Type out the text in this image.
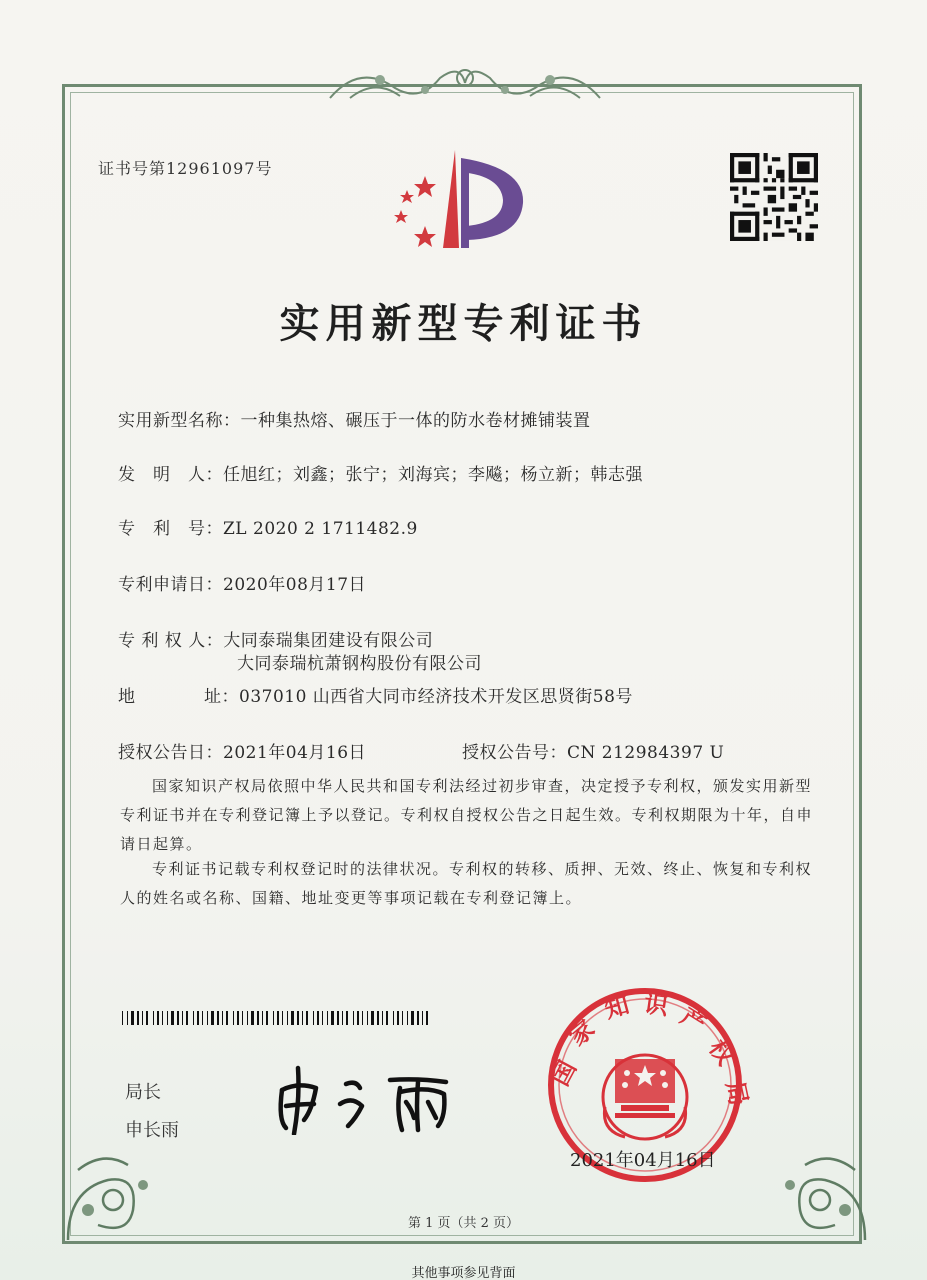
证书号第12961097号
实用新型专利证书
实用新型名称：一种集热熔、碾压于一体的防水卷材摊铺装置
发　明　人：任旭红；刘鑫；张宁；刘海宾；李飚；杨立新；韩志强
专　利　号：ZL 2020 2 1711482.9
专利申请日：2020年08月17日
专 利 权 人：大同泰瑞集团建设有限公司
大同泰瑞杭萧钢构股份有限公司
地	址：037010 山西省大同市经济技术开发区思贤街58号
授权公告日：2021年04月16日	授权公告号：CN 212984397 U
国家知识产权局依照中华人民共和国专利法经过初步审查，决定授予专利权，颁发实用新型专利证书并在专利登记簿上予以登记。专利权自授权公告之日起生效。专利权期限为十年，自申请日起算。
专利证书记载专利权登记时的法律状况。专利权的转移、质押、无效、终止、恢复和专利权人的姓名或名称、国籍、地址变更等事项记载在专利登记簿上。
局长
申长雨
国
家
知 识 产
权
局
2021年04月16日
第 1 页（共 2 页）
其他事项参见背面
